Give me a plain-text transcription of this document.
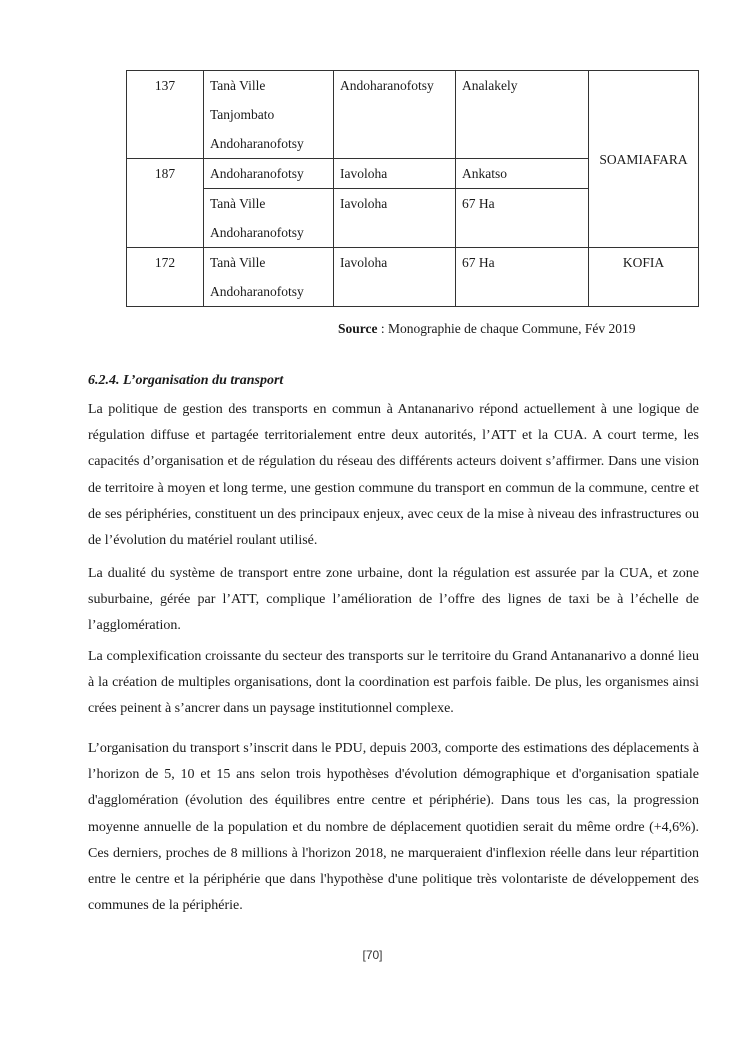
137	Tanà Ville
Tanjombato
Andoharanofotsy	Andoharanofotsy	Analakely	SOAMIAFARA
187	Andoharanofotsy	Iavoloha	Ankatso	

	Tanà Ville
Andoharanofotsy	Iavoloha	67 Ha	
172	Tanà Ville
Andoharanofotsy	Iavoloha	67 Ha	KOFIA
Source : Monographie de chaque Commune, Fév 2019
6.2.4. L’organisation du transport

La politique de gestion des transports en commun à Antananarivo répond actuellement à une logique de régulation diffuse et partagée territorialement entre deux autorités, l’ATT et la CUA. A court terme, les capacités d’organisation et de régulation du réseau des différents acteurs doivent s’affirmer. Dans une vision de territoire à moyen et long terme, une gestion commune du transport en commun de la commune, centre et de ses périphéries, constituent un des principaux enjeux, avec ceux de la mise à niveau des infrastructures ou de l’évolution du matériel roulant utilisé.

La dualité du système de transport entre zone urbaine, dont la régulation est assurée par la CUA, et zone suburbaine, gérée par l’ATT, complique l’amélioration de l’offre des lignes de taxi be à l’échelle de l’agglomération.

La complexification croissante du secteur des transports sur le territoire du Grand Antananarivo a donné lieu à la création de multiples organisations, dont la coordination est parfois faible. De plus, les organismes ainsi crées peinent à s’ancrer dans un paysage institutionnel complexe.

L’organisation du transport s’inscrit dans le PDU, depuis 2003, comporte des estimations des déplacements à l’horizon de 5, 10 et 15 ans selon trois hypothèses d'évolution démographique et d'organisation spatiale d'agglomération (évolution des équilibres entre centre et périphérie). Dans tous les cas, la progression moyenne annuelle de la population et du nombre de déplacement quotidien serait du même ordre (+4,6%). Ces derniers, proches de 8 millions à l'horizon 2018, ne marqueraient d'inflexion réelle dans leur répartition entre le centre et la périphérie que dans l'hypothèse d'une politique très volontariste de développement des communes de la périphérie.

[70]
